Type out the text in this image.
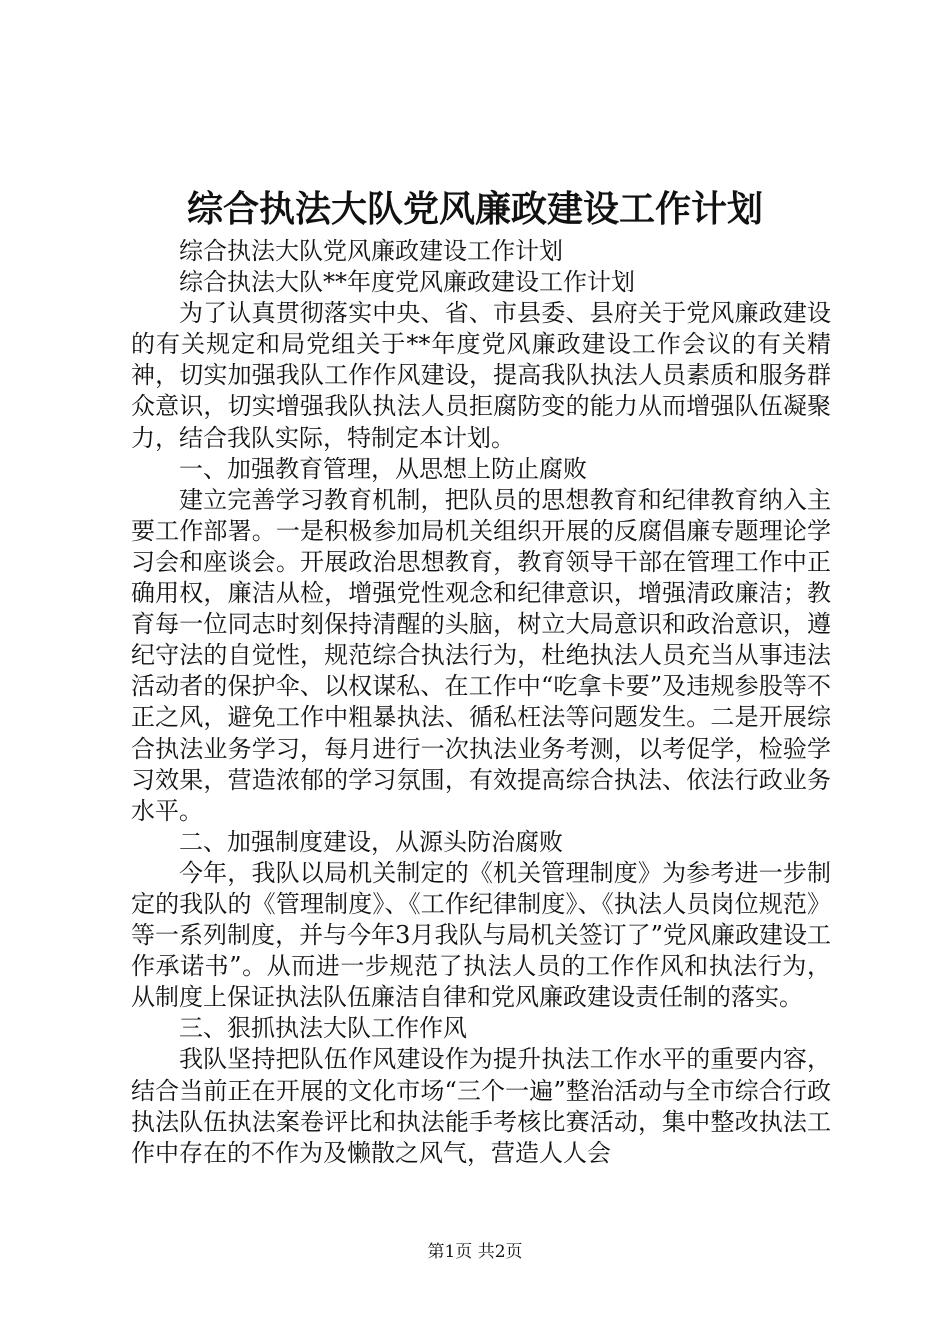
综合执法大队党风廉政建设工作计划

综合执法大队党风廉政建设工作计划

综合执法大队**年度党风廉政建设工作计划

为了认真贯彻落实中央、省、市县委、县府关于党风廉政建设的有关规定和局党组关于**年度党风廉政建设工作会议的有关精神，切实加强我队工作作风建设，提高我队执法人员素质和服务群众意识，切实增强我队执法人员拒腐防变的能力从而增强队伍凝聚力，结合我队实际，特制定本计划。

一、加强教育管理，从思想上防止腐败

建立完善学习教育机制，把队员的思想教育和纪律教育纳入主要工作部署。一是积极参加局机关组织开展的反腐倡廉专题理论学习会和座谈会。开展政治思想教育，教育领导干部在管理工作中正确用权，廉洁从检，增强党性观念和纪律意识，增强清政廉洁；教育每一位同志时刻保持清醒的头脑，树立大局意识和政治意识，遵纪守法的自觉性，规范综合执法行为，杜绝执法人员充当从事违法活动者的保护伞、以权谋私、在工作中“吃拿卡要”及违规参股等不正之风，避免工作中粗暴执法、循私枉法等问题发生。二是开展综合执法业务学习，每月进行一次执法业务考测，以考促学，检验学习效果，营造浓郁的学习氛围，有效提高综合执法、依法行政业务水平。

二、加强制度建设，从源头防治腐败

今年，我队以局机关制定的《机关管理制度》为参考进一步制定的我队的《管理制度》、《工作纪律制度》、《执法人员岗位规范》等一系列制度，并与今年3月我队与局机关签订了”党风廉政建设工作承诺书”。从而进一步规范了执法人员的工作作风和执法行为，从制度上保证执法队伍廉洁自律和党风廉政建设责任制的落实。

三、狠抓执法大队工作作风

我队坚持把队伍作风建设作为提升执法工作水平的重要内容，结合当前正在开展的文化市场“三个一遍”整治活动与全市综合行政执法队伍执法案卷评比和执法能手考核比赛活动，集中整改执法工作中存在的不作为及懒散之风气，营造人人会

第1页 共2页
